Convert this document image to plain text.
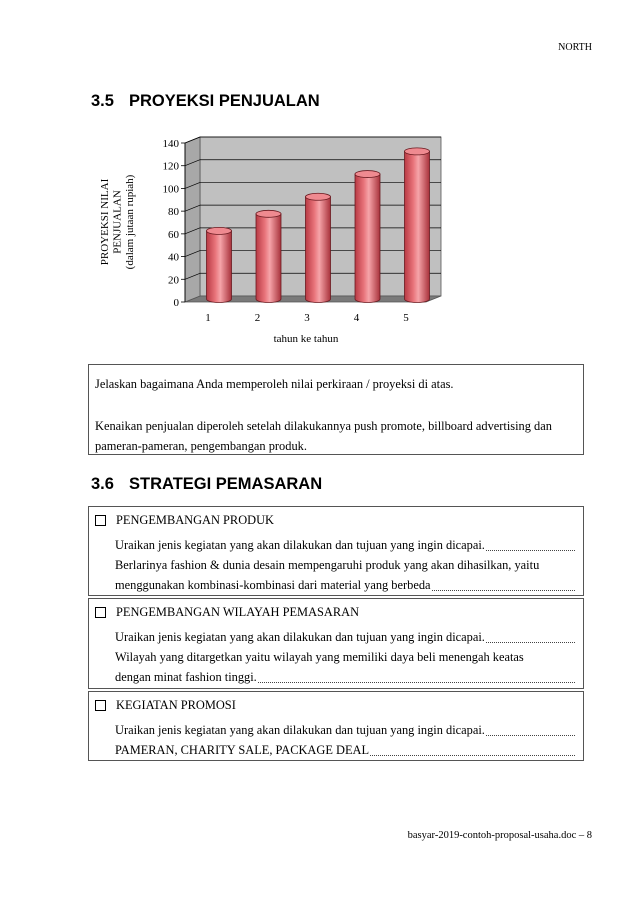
NORTH
3.5 PROYEKSI PENJUALAN
0
20
40
60
80
100
120
140
1	2	3	4	5
tahun ke tahun
PROYEKSI NILAI PENJUALAN (dalam jutaan rupiah)
Jelaskan bagaimana Anda memperoleh nilai perkiraan / proyeksi di atas.
Kenaikan penjualan diperoleh setelah dilakukannya push promote, billboard advertising dan
pameran-pameran, pengembangan produk.
3.6 STRATEGI PEMASARAN
PENGEMBANGAN PRODUK
Uraikan jenis kegiatan yang akan dilakukan dan tujuan yang ingin dicapai.
Berlarinya fashion & dunia desain mempengaruhi produk yang akan dihasilkan, yaitu
menggunakan kombinasi-kombinasi dari material yang berbeda
PENGEMBANGAN WILAYAH PEMASARAN
Uraikan jenis kegiatan yang akan dilakukan dan tujuan yang ingin dicapai.
Wilayah yang ditargetkan yaitu wilayah yang memiliki daya beli menengah keatas
dengan minat fashion tinggi.
KEGIATAN PROMOSI
Uraikan jenis kegiatan yang akan dilakukan dan tujuan yang ingin dicapai.
PAMERAN, CHARITY SALE, PACKAGE DEAL
basyar-2019-contoh-proposal-usaha.doc – 8
